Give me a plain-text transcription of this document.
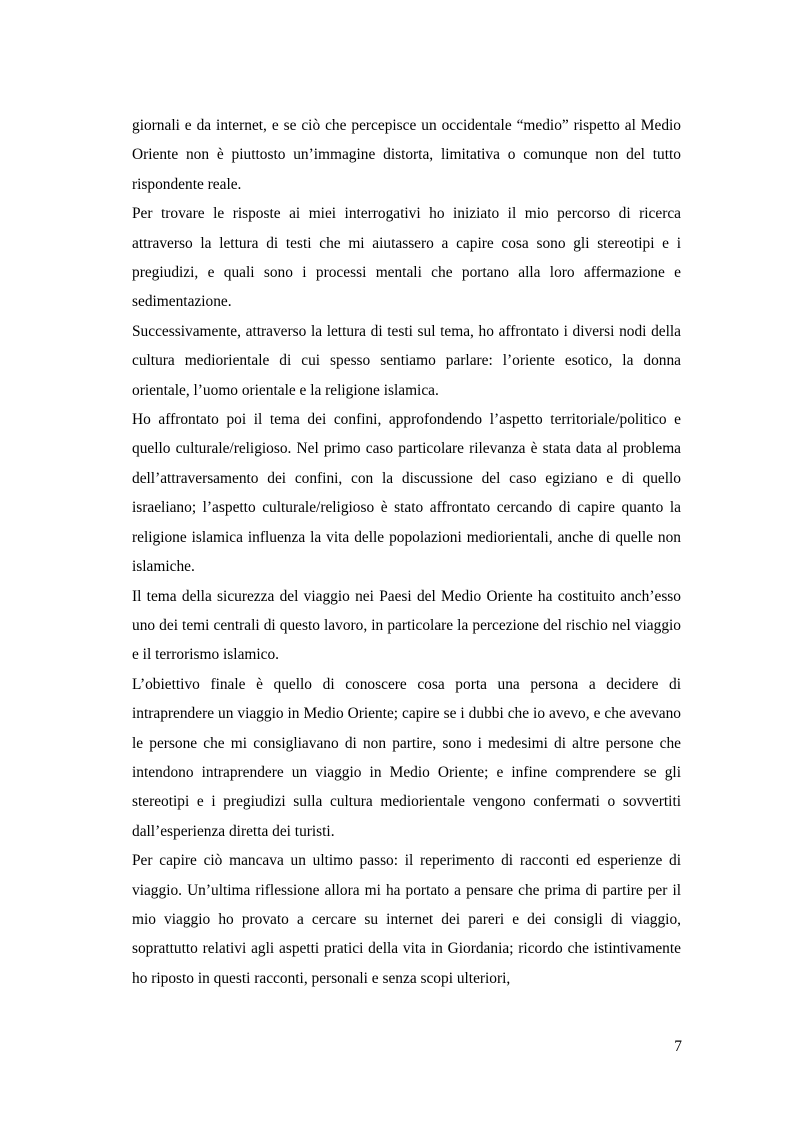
giornali e da internet, e se ciò che percepisce un occidentale “medio” rispetto al Medio Oriente non è piuttosto un’immagine distorta, limitativa o comunque non del tutto rispondente reale.

Per trovare le risposte ai miei interrogativi ho iniziato il mio percorso di ricerca attraverso la lettura di testi che mi aiutassero a capire cosa sono gli stereotipi e i pregiudizi, e quali sono i processi mentali che portano alla loro affermazione e sedimentazione.

Successivamente, attraverso la lettura di testi sul tema, ho affrontato i diversi nodi della cultura mediorientale di cui spesso sentiamo parlare: l’oriente esotico, la donna orientale, l’uomo orientale e la religione islamica.

Ho affrontato poi il tema dei confini, approfondendo l’aspetto territoriale/politico e quello culturale/religioso. Nel primo caso particolare rilevanza è stata data al problema dell’attraversamento dei confini, con la discussione del caso egiziano e di quello israeliano; l’aspetto culturale/religioso è stato affrontato cercando di capire quanto la religione islamica influenza la vita delle popolazioni mediorientali, anche di quelle non islamiche.

Il tema della sicurezza del viaggio nei Paesi del Medio Oriente ha costituito anch’esso uno dei temi centrali di questo lavoro, in particolare la percezione del rischio nel viaggio e il terrorismo islamico.

L’obiettivo finale è quello di conoscere cosa porta una persona a decidere di intraprendere un viaggio in Medio Oriente; capire se i dubbi che io avevo, e che avevano le persone che mi consigliavano di non partire, sono i medesimi di altre persone che intendono intraprendere un viaggio in Medio Oriente; e infine comprendere se gli stereotipi e i pregiudizi sulla cultura mediorientale vengono confermati o sovvertiti dall’esperienza diretta dei turisti.

Per capire ciò mancava un ultimo passo: il reperimento di racconti ed esperienze di viaggio. Un’ultima riflessione allora mi ha portato a pensare che prima di partire per il mio viaggio ho provato a cercare su internet dei pareri e dei consigli di viaggio, soprattutto relativi agli aspetti pratici della vita in Giordania; ricordo che istintivamente ho riposto in questi racconti, personali e senza scopi ulteriori,

7
